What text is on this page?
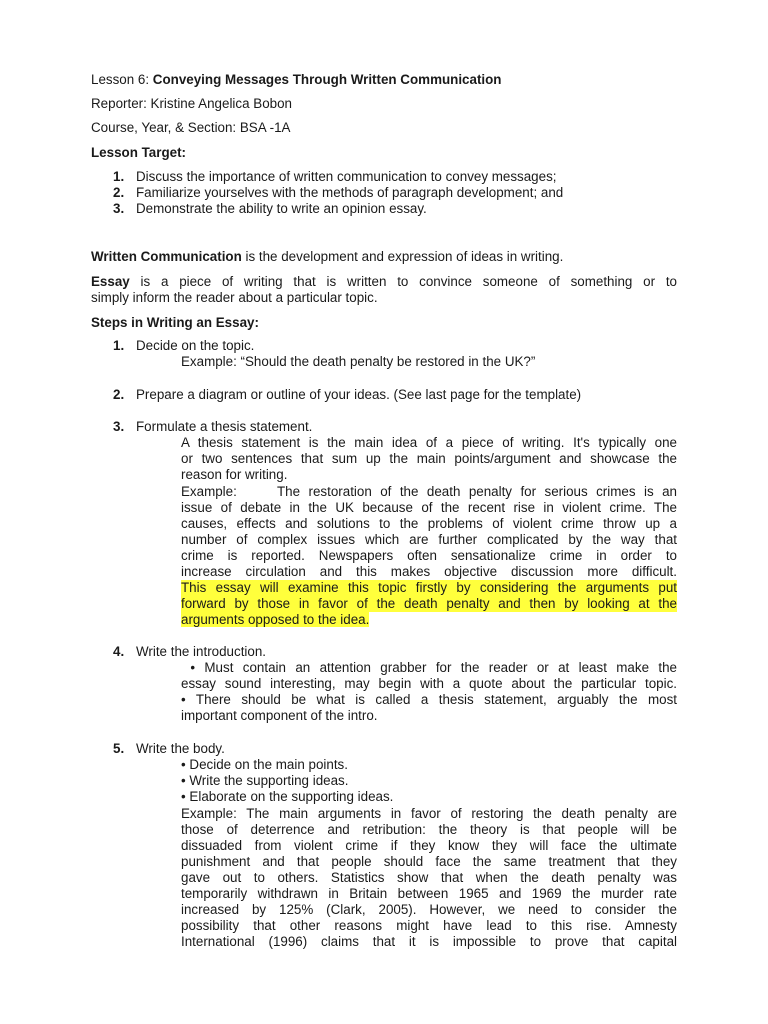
Lesson 6: Conveying Messages Through Written Communication
Reporter: Kristine Angelica Bobon
Course, Year, & Section: BSA -1A
Lesson Target:
1. Discuss the importance of written communication to convey messages;
2. Familiarize yourselves with the methods of paragraph development; and
3. Demonstrate the ability to write an opinion essay.
Written Communication is the development and expression of ideas in writing.
Essay is a piece of writing that is written to convince someone of something or to
simply inform the reader about a particular topic.
Steps in Writing an Essay:
1. Decide on the topic.
Example: “Should the death penalty be restored in the UK?”
2. Prepare a diagram or outline of your ideas. (See last page for the template)
3. Formulate a thesis statement.
A thesis statement is the main idea of a piece of writing. It's typically one
or two sentences that sum up the main points/argument and showcase the
reason for writing.
Example:	The restoration of the death penalty for serious crimes is an
issue of debate in the UK because of the recent rise in violent crime. The
causes, effects and solutions to the problems of violent crime throw up a
number of complex issues which are further complicated by the way that
crime is reported. Newspapers often sensationalize crime in order to
increase circulation and this makes objective discussion more difficult.
This essay will examine this topic firstly by considering the arguments put
forward by those in favor of the death penalty and then by looking at the
arguments opposed to the idea.
4. Write the introduction.
• Must contain an attention grabber for the reader or at least make the
essay sound interesting, may begin with a quote about the particular topic.
• There should be what is called a thesis statement, arguably the most
important component of the intro.
5. Write the body.
• Decide on the main points.
• Write the supporting ideas.
• Elaborate on the supporting ideas.
Example: The main arguments in favor of restoring the death penalty are
those of deterrence and retribution: the theory is that people will be
dissuaded from violent crime if they know they will face the ultimate
punishment and that people should face the same treatment that they
gave out to others. Statistics show that when the death penalty was
temporarily withdrawn in Britain between 1965 and 1969 the murder rate
increased by 125% (Clark, 2005). However, we need to consider the
possibility that other reasons might have lead to this rise. Amnesty
International (1996) claims that it is impossible to prove that capital
